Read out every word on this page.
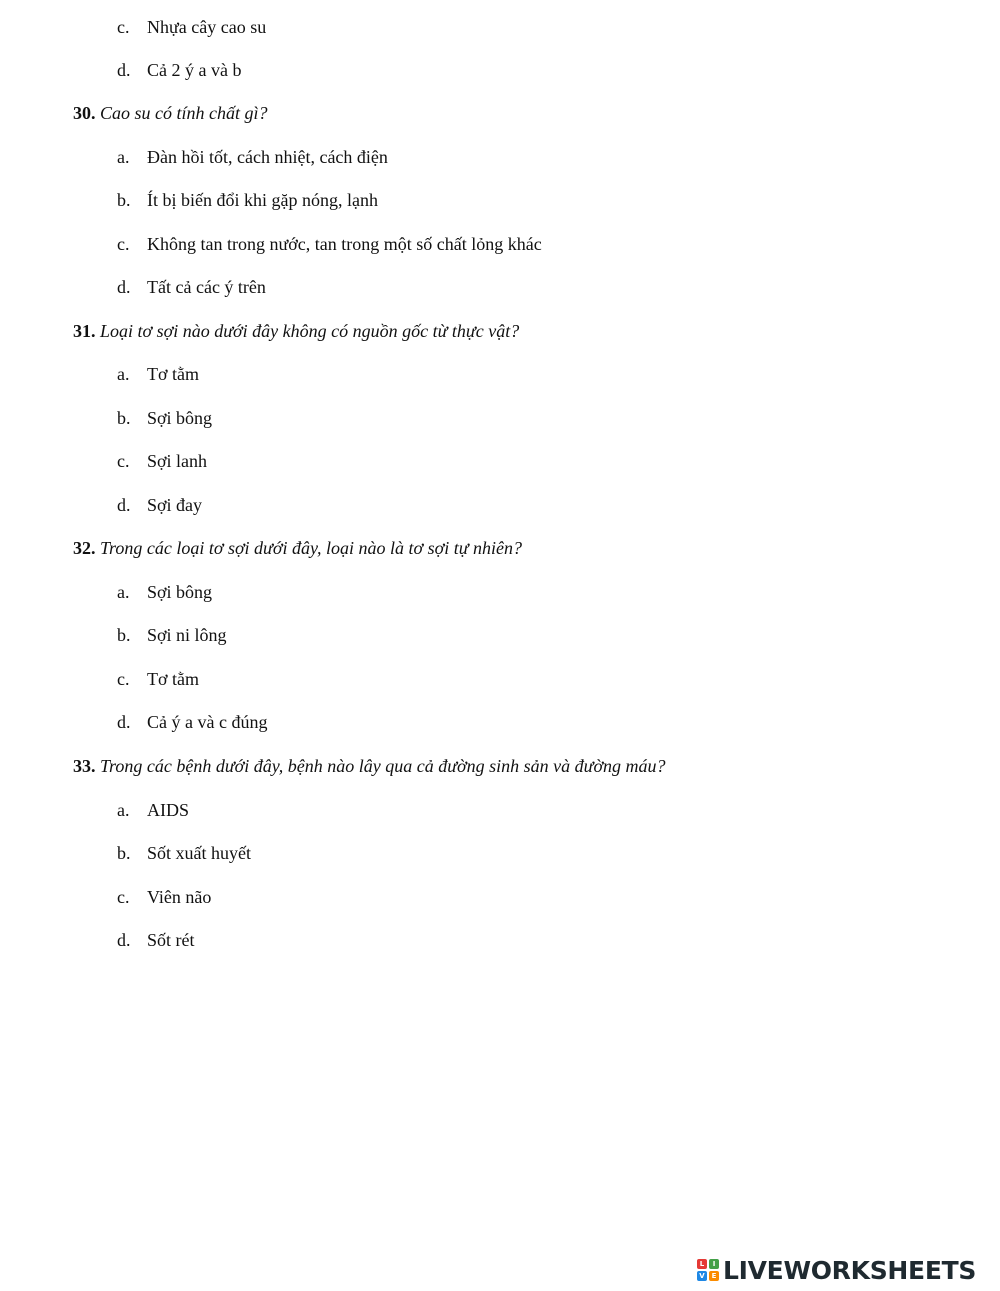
c. Nhựa cây cao su
d. Cả 2 ý a và b
30. Cao su có tính chất gì?
a. Đàn hồi tốt, cách nhiệt, cách điện
b. Ít bị biến đổi khi gặp nóng, lạnh
c. Không tan trong nước, tan trong một số chất lỏng khác
d. Tất cả các ý trên
31. Loại tơ sợi nào dưới đây không có nguồn gốc từ thực vật?
a. Tơ tằm
b. Sợi bông
c. Sợi lanh
d. Sợi đay
32. Trong các loại tơ sợi dưới đây, loại nào là tơ sợi tự nhiên?
a. Sợi bông
b. Sợi ni lông
c. Tơ tằm
d. Cả ý a và c đúng
33. Trong các bệnh dưới đây, bệnh nào lây qua cả đường sinh sản và đường máu?
a. AIDS
b. Sốt xuất huyết
c. Viên não
d. Sốt rét
L	I
V E LIVEWORKSHEETS
